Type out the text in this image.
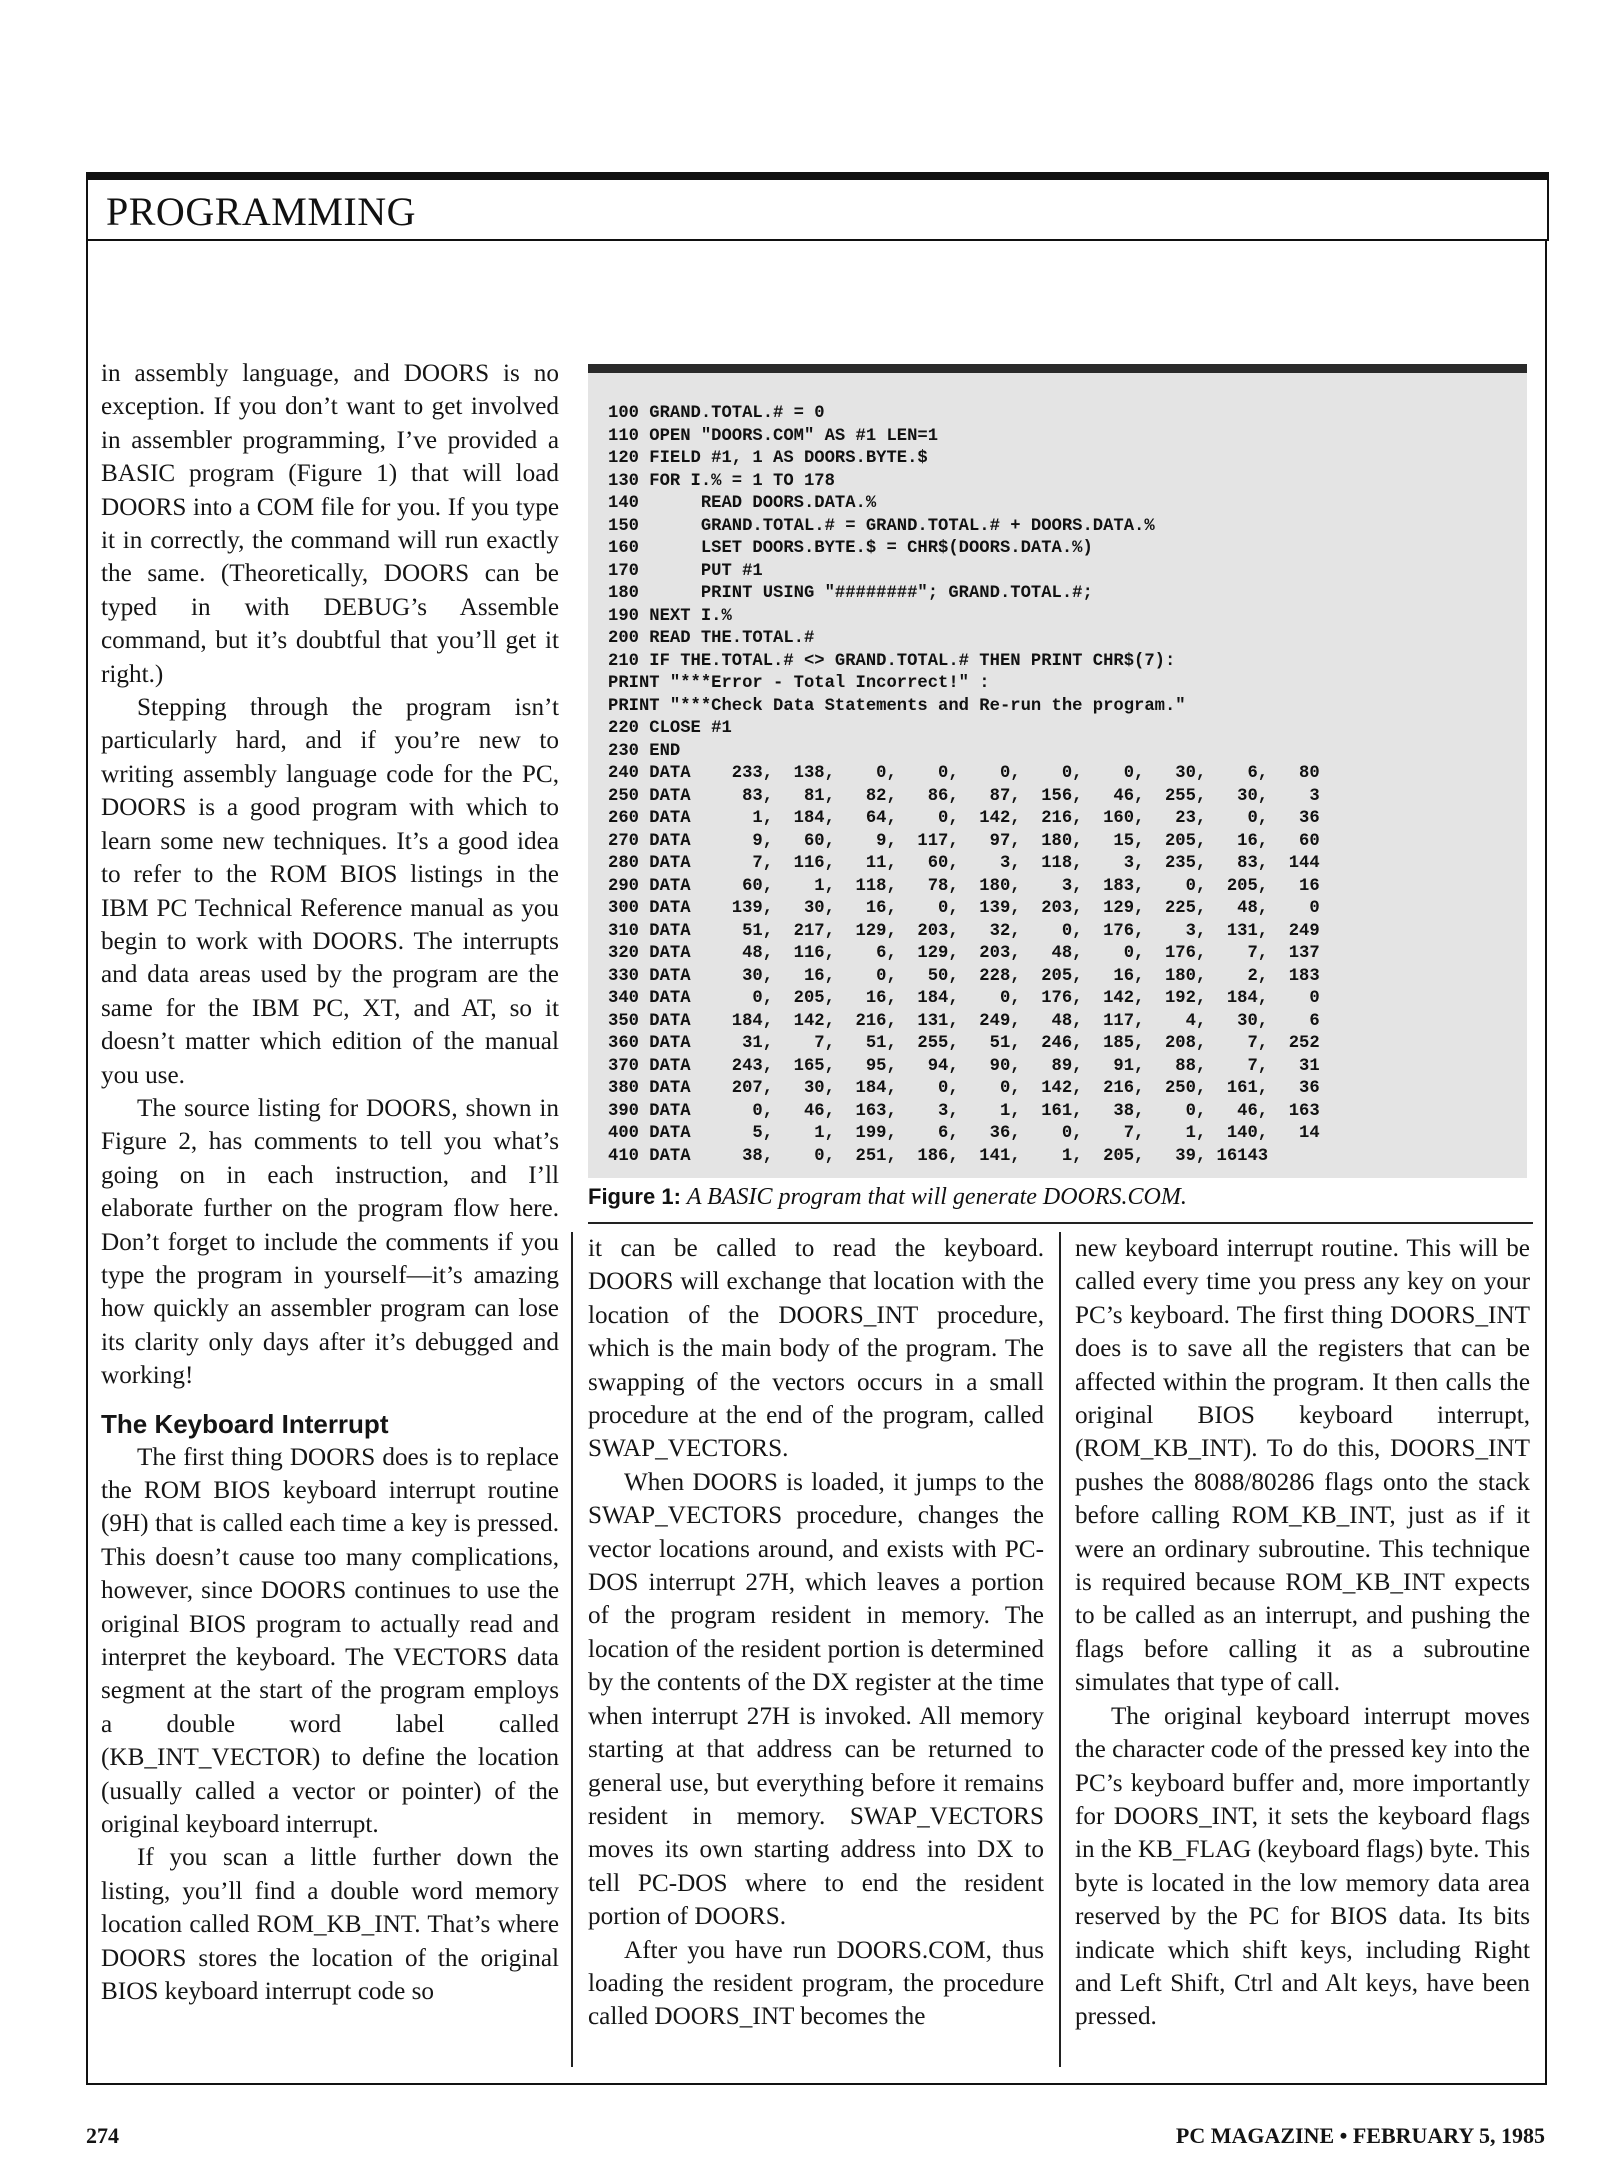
PROGRAMMING

in assembly language, and DOORS is no exception. If you don’t want to get involved in assembler programming, I’ve provided a BASIC program (Figure 1) that will load DOORS into a COM file for you. If you type it in correctly, the command will run exactly the same. (Theoretically, DOORS can be typed in with DEBUG’s Assemble command, but it’s doubtful that you’ll get it right.)

Stepping through the program isn’t particularly hard, and if you’re new to writing assembly language code for the PC, DOORS is a good program with which to learn some new techniques. It’s a good idea to refer to the ROM BIOS listings in the IBM PC Technical Reference manual as you begin to work with DOORS. The interrupts and data areas used by the program are the same for the IBM PC, XT, and AT, so it doesn’t matter which edition of the manual you use.

The source listing for DOORS, shown in Figure 2, has comments to tell you what’s going on in each instruction, and I’ll elaborate further on the program flow here. Don’t forget to include the comments if you type the program in yourself—it’s amazing how quickly an assembler program can lose its clarity only days after it’s debugged and working!

The Keyboard Interrupt

The first thing DOORS does is to replace the ROM BIOS keyboard interrupt routine (9H) that is called each time a key is pressed. This doesn’t cause too many complications, however, since DOORS continues to use the original BIOS program to actually read and interpret the keyboard. The VECTORS data segment at the start of the program employs a double word label called (KB_INT_VECTOR) to define the location (usually called a vector or pointer) of the original keyboard interrupt.

If you scan a little further down the listing, you’ll find a double word memory location called ROM_KB_INT. That’s where DOORS stores the location of the original BIOS keyboard interrupt code so

100 GRAND.TOTAL.# = 0
110 OPEN "DOORS.COM" AS #1 LEN=1
120 FIELD #1, 1 AS DOORS.BYTE.$
130 FOR I.% = 1 TO 178
140      READ DOORS.DATA.%
150      GRAND.TOTAL.# = GRAND.TOTAL.# + DOORS.DATA.%
160      LSET DOORS.BYTE.$ = CHR$(DOORS.DATA.%)
170      PUT #1
180      PRINT USING "########"; GRAND.TOTAL.#;
190 NEXT I.%
200 READ THE.TOTAL.#
210 IF THE.TOTAL.# <> GRAND.TOTAL.# THEN PRINT CHR$(7):
PRINT "***Error - Total Incorrect!" :
PRINT "***Check Data Statements and Re-run the program."
220 CLOSE #1
230 END
240 DATA    233,  138,    0,    0,    0,    0,    0,   30,    6,   80
250 DATA     83,   81,   82,   86,   87,  156,   46,  255,   30,    3
260 DATA      1,  184,   64,    0,  142,  216,  160,   23,    0,   36
270 DATA      9,   60,    9,  117,   97,  180,   15,  205,   16,   60
280 DATA      7,  116,   11,   60,    3,  118,    3,  235,   83,  144
290 DATA     60,    1,  118,   78,  180,    3,  183,    0,  205,   16
300 DATA    139,   30,   16,    0,  139,  203,  129,  225,   48,    0
310 DATA     51,  217,  129,  203,   32,    0,  176,    3,  131,  249
320 DATA     48,  116,    6,  129,  203,   48,    0,  176,    7,  137
330 DATA     30,   16,    0,   50,  228,  205,   16,  180,    2,  183
340 DATA      0,  205,   16,  184,    0,  176,  142,  192,  184,    0
350 DATA    184,  142,  216,  131,  249,   48,  117,    4,   30,    6
360 DATA     31,    7,   51,  255,   51,  246,  185,  208,    7,  252
370 DATA    243,  165,   95,   94,   90,   89,   91,   88,    7,   31
380 DATA    207,   30,  184,    0,    0,  142,  216,  250,  161,   36
390 DATA      0,   46,  163,    3,    1,  161,   38,    0,   46,  163
400 DATA      5,    1,  199,    6,   36,    0,    7,    1,  140,   14
410 DATA     38,    0,  251,  186,  141,    1,  205,   39, 16143
Figure 1: A BASIC program that will generate DOORS.COM.

it can be called to read the keyboard. DOORS will exchange that location with the location of the DOORS_INT procedure, which is the main body of the program. The swapping of the vectors occurs in a small procedure at the end of the program, called SWAP_VECTORS.

When DOORS is loaded, it jumps to the SWAP_VECTORS procedure, changes the vector locations around, and exists with PC-DOS interrupt 27H, which leaves a portion of the program resident in memory. The location of the resident portion is determined by the contents of the DX register at the time when interrupt 27H is invoked. All memory starting at that address can be returned to general use, but everything before it remains resident in memory. SWAP_VECTORS moves its own starting address into DX to tell PC-DOS where to end the resident portion of DOORS.

After you have run DOORS.COM, thus loading the resident program, the procedure called DOORS_INT becomes the

new keyboard interrupt routine. This will be called every time you press any key on your PC’s keyboard. The first thing DOORS_INT does is to save all the registers that can be affected within the program. It then calls the original BIOS keyboard interrupt, (ROM_KB_INT). To do this, DOORS_INT pushes the 8088/80286 flags onto the stack before calling ROM_KB_INT, just as if it were an ordinary subroutine. This technique is required because ROM_KB_INT expects to be called as an interrupt, and pushing the flags before calling it as a subroutine simulates that type of call.

The original keyboard interrupt moves the character code of the pressed key into the PC’s keyboard buffer and, more importantly for DOORS_INT, it sets the keyboard flags in the KB_FLAG (keyboard flags) byte. This byte is located in the low memory data area reserved by the PC for BIOS data. Its bits indicate which shift keys, including Right and Left Shift, Ctrl and Alt keys, have been pressed.

274	PC MAGAZINE • FEBRUARY 5, 1985
